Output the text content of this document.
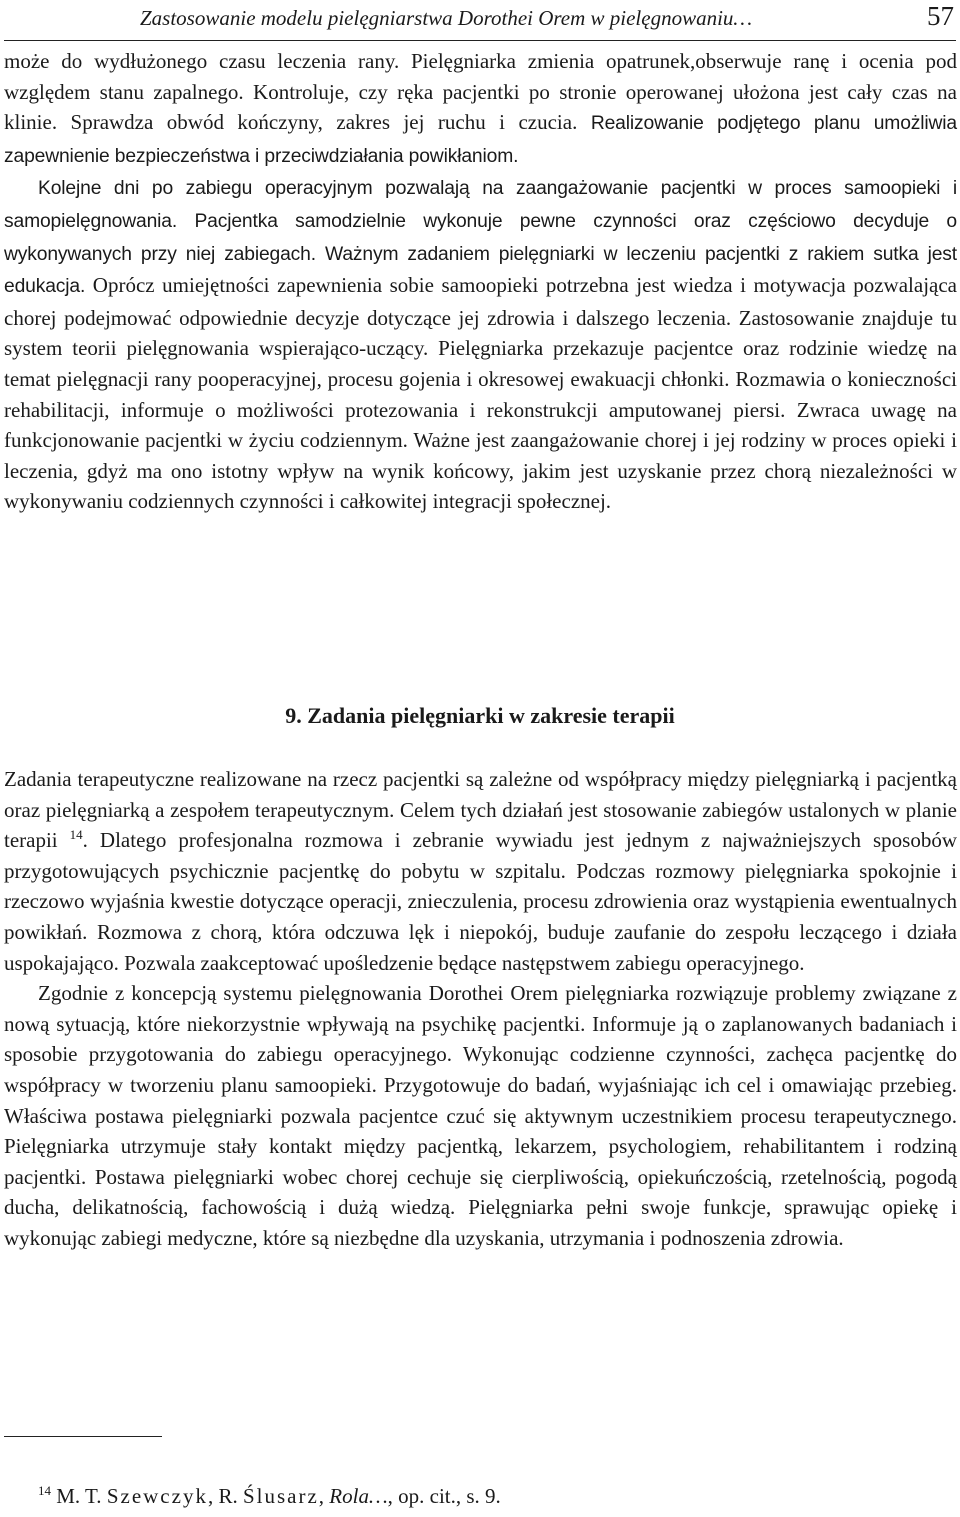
Zastosowanie modelu pielęgniarstwa Dorothei Orem w pielęgnowaniu…	57

może do wydłużonego czasu leczenia rany. Pielęgniarka zmienia opatrunek,obserwuje ranę i ocenia pod względem stanu zapalnego. Kontroluje, czy ręka pacjentki po stronie operowanej ułożona jest cały czas na klinie. Sprawdza obwód kończyny, zakres jej ruchu i czucia. Realizowanie podjętego planu umożliwia zapewnienie bezpieczeństwa i przeciwdziałania powikłaniom.

Kolejne dni po zabiegu operacyjnym pozwalają na zaangażowanie pacjentki w proces samoopieki i samopielęgnowania. Pacjentka samodzielnie wykonuje pewne czynności oraz częściowo decyduje o wykonywanych przy niej zabiegach. Ważnym zadaniem pielęgniarki w leczeniu pacjentki z rakiem sutka jest edukacja. Oprócz umiejętności zapewnienia sobie samoopieki potrzebna jest wiedza i motywacja pozwalająca chorej podejmować odpowiednie decyzje dotyczące jej zdrowia i dalszego leczenia. Zastosowanie znajduje tu system teorii pielęgnowania wspierająco-uczący. Pielęgniarka przekazuje pacjentce oraz rodzinie wiedzę na temat pielęgnacji rany pooperacyjnej, procesu gojenia i okresowej ewakuacji chłonki. Rozmawia o konieczności rehabilitacji, informuje o możliwości protezowania i rekonstrukcji amputowanej piersi. Zwraca uwagę na funkcjonowanie pacjentki w życiu codziennym. Ważne jest zaangażowanie chorej i jej rodziny w proces opieki i leczenia, gdyż ma ono istotny wpływ na wynik końcowy, jakim jest uzyskanie przez chorą niezależności w wykonywaniu codziennych czynności i całkowitej integracji społecznej.

9. Zadania pielęgniarki w zakresie terapii

Zadania terapeutyczne realizowane na rzecz pacjentki są zależne od współpracy między pielęgniarką i pacjentką oraz pielęgniarką a zespołem terapeutycznym. Celem tych działań jest stosowanie zabiegów ustalonych w planie terapii $^{14}$. Dlatego profesjonalna rozmowa i zebranie wywiadu jest jednym z najważniejszych sposobów przygotowujących psychicznie pacjentkę do pobytu w szpitalu. Podczas rozmowy pielęgniarka spokojnie i rzeczowo wyjaśnia kwestie dotyczące operacji, znieczulenia, procesu zdrowienia oraz wystąpienia ewentualnych powikłań. Rozmowa z chorą, która odczuwa lęk i niepokój, buduje zaufanie do zespołu leczącego i działa uspokajająco. Pozwala zaakceptować upośledzenie będące następstwem zabiegu operacyjnego.

Zgodnie z koncepcją systemu pielęgnowania Dorothei Orem pielęgniarka rozwiązuje problemy związane z nową sytuacją, które niekorzystnie wpływają na psychikę pacjentki. Informuje ją o zaplanowanych badaniach i sposobie przygotowania do zabiegu operacyjnego. Wykonując codzienne czynności, zachęca pacjentkę do współpracy w tworzeniu planu samoopieki. Przygotowuje do badań, wyjaśniając ich cel i omawiając przebieg. Właściwa postawa pielęgniarki pozwala pacjentce czuć się aktywnym uczestnikiem procesu terapeutycznego. Pielęgniarka utrzymuje stały kontakt między pacjentką, lekarzem, psychologiem, rehabilitantem i rodziną pacjentki. Postawa pielęgniarki wobec chorej cechuje się cierpliwością, opiekuńczością, rzetelnością, pogodą ducha, delikatnością, fachowością i dużą wiedzą. Pielęgniarka pełni swoje funkcje, sprawując opiekę i wykonując zabiegi medyczne, które są niezbędne dla uzyskania, utrzymania i podnoszenia zdrowia.

$^{14}$ M. T. Szewczyk, R. Ślusarz, Rola…, op. cit., s. 9.
